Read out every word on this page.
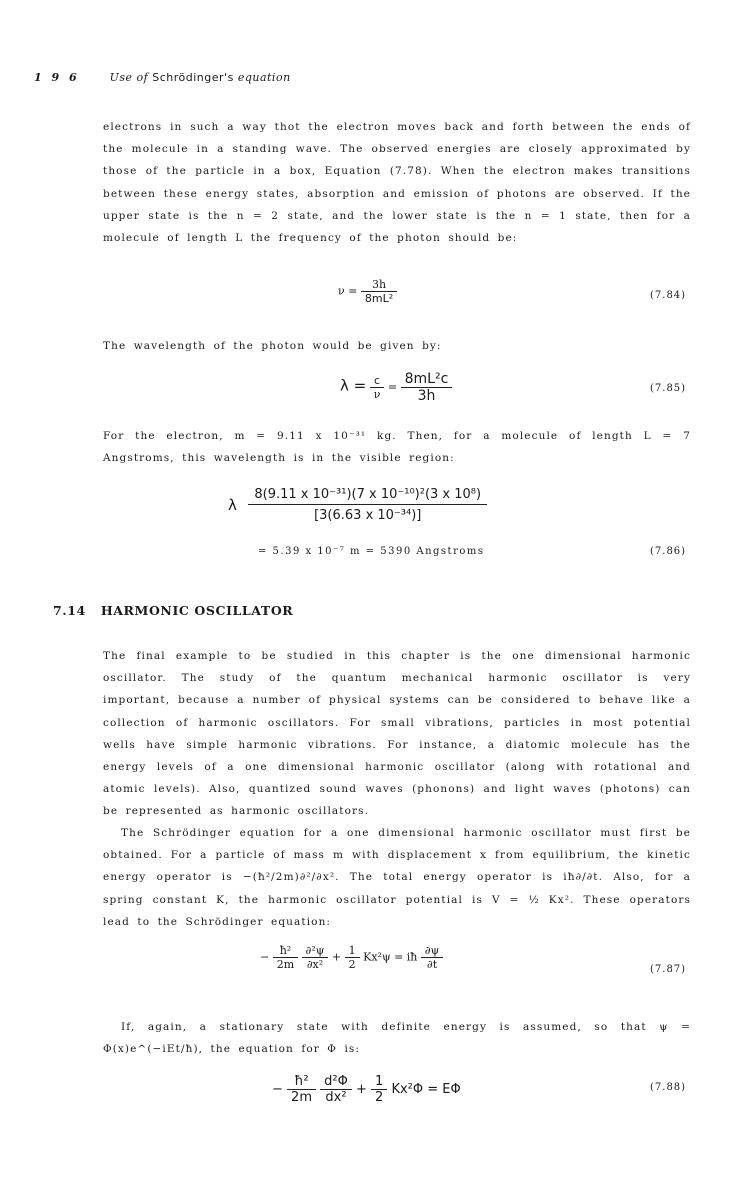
1 9 6	Use of Schrödinger's equation

electrons in such a way thot the electron moves back and forth between the ends of the molecule in a standing wave. The observed energies are closely approximated by those of the particle in a box, Equation (7.78). When the electron makes transitions between these energy states, absorption and emission of photons are observed. If the upper state is the n = 2 state, and the lower state is the n = 1 state, then for a molecule of length L the frequency of the photon should be:

$\nu = \frac{3h}{\text{8mL²}}$	(7.84)

The wavelength of the photon would be given by:

$\lambda = \frac{c}{\nu} = \frac{\text{8mL²c}}{3h}$	(7.85)

For the electron, m = 9.11 x 10⁻³¹ kg. Then, for a molecule of length L = 7 Angstroms, this wavelength is in the visible region:

λ $\frac{\text{8(9.11 x 10⁻³¹)(7 x 10⁻¹⁰)²(3 x 10⁸)}}{\text{[3(6.63 x 10⁻³⁴)]}}$
= 5.39 x 10⁻⁷ m = 5390 Angstroms	(7.86)
7.14 HARMONIC OSCILLATOR

The final example to be studied in this chapter is the one dimensional harmonic oscillator. The study of the quantum mechanical harmonic oscillator is very important, because a number of physical systems can be considered to behave like a collection of harmonic oscillators. For small vibrations, particles in most potential wells have simple harmonic vibrations. For instance, a diatomic molecule has the energy levels of a one dimensional harmonic oscillator (along with rotational and atomic levels). Also, quantized sound waves (phonons) and light waves (photons) can be represented as harmonic oscillators.

The Schrödinger equation for a one dimensional harmonic oscillator must first be obtained. For a particle of mass m with displacement x from equilibrium, the kinetic energy operator is −(ħ²/2m)∂²/∂x². The total energy operator is iħ∂/∂t. Also, for a spring constant K, the harmonic oscillator potential is V = ½ Kx². These operators lead to the Schrödinger equation:

− $\frac{\text{ħ²}}{2m}$
$\frac{\text{∂²ψ}}{\text{∂x²}} + \frac{1}{2} Kx^2\psi$ = iħ $\frac{\partial\psi}{\partial t}$	(7.87)

If, again, a stationary state with definite energy is assumed, so that ψ = Φ(x)e^(−iEt/ħ), the equation for Φ is:

− $\frac{\text{ħ²}}{2m}$
$\frac{\text{d²Φ}}{\text{dx²}} + \frac{1}{2} Kx^2\Phi = E\Phi$	(7.88)
